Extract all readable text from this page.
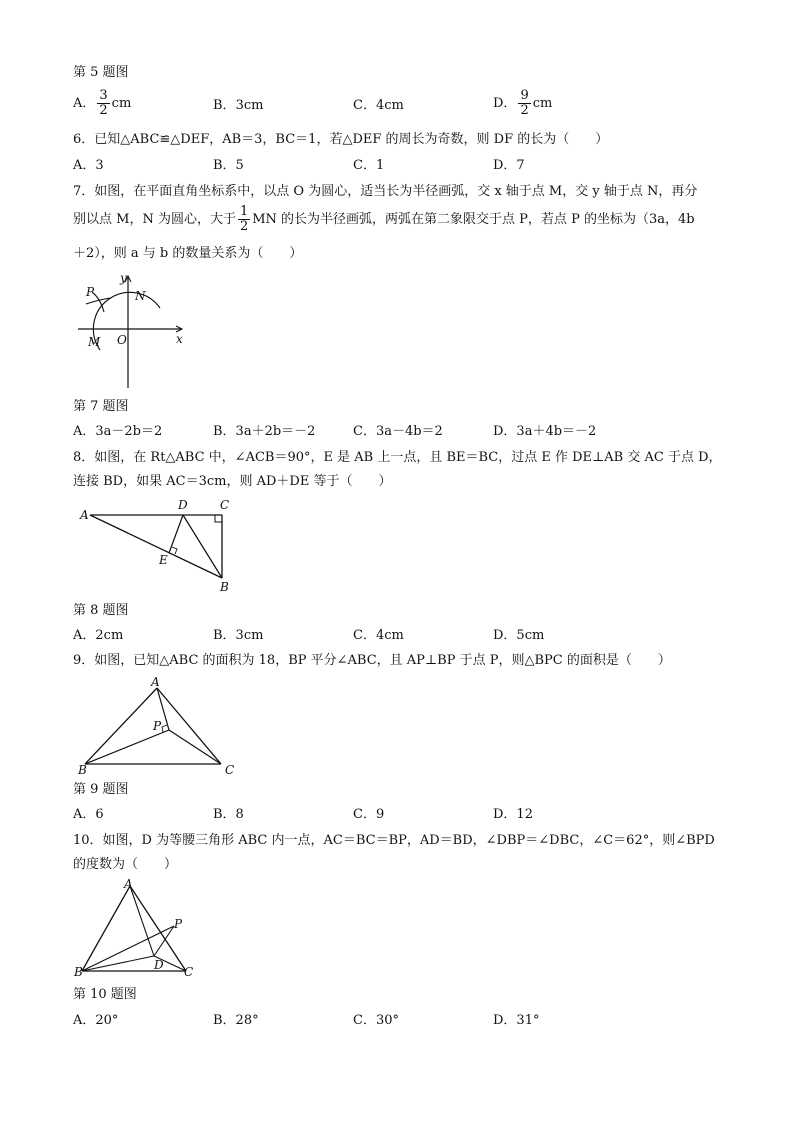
第 5 题图
A． $\frac{3}{2}$ cm	B．3cm	C．4cm	D． $\frac{9}{2}$ cm
6．已知△ABC≌△DEF，AB＝3，BC＝1，若△DEF 的周长为奇数，则 DF 的长为（　　）
A．3	B．5	C．1	D．7
7．如图，在平面直角坐标系中，以点 O 为圆心，适当长为半径画弧，交 x 轴于点 M，交 y 轴于点 N，再分
别以点 M，N 为圆心，大于 $\frac{1}{2}$ MN 的长为半径画弧，两弧在第二象限交于点 P，若点 P 的坐标为（3a，4b
＋2），则 a 与 b 的数量关系为（　　）
y
x
P	N
M O
第 7 题图
A．3a－2b＝2	B．3a＋2b＝－2	C．3a－4b＝2	D．3a＋4b＝－2
8．如图，在 Rt△ABC 中，∠ACB＝90°，E 是 AB 上一点，且 BE＝BC，过点 E 作 DE⊥AB 交 AC 于点 D，
连接 BD，如果 AC＝3cm，则 AD＋DE 等于（　　）
A
D	C
E
B
第 8 题图
A．2cm	B．3cm	C．4cm	D．5cm
9．如图，已知△ABC 的面积为 18，BP 平分∠ABC，且 AP⊥BP 于点 P，则△BPC 的面积是（　　）
A
P
B	C
第 9 题图
A．6	B．8	C．9	D．12
10．如图，D 为等腰三角形 ABC 内一点，AC＝BC＝BP，AD＝BD，∠DBP＝∠DBC，∠C＝62°，则∠BPD
的度数为（　　）
A
P
B	D C
第 10 题图
A．20°	B．28°	C．30°	D．31°
